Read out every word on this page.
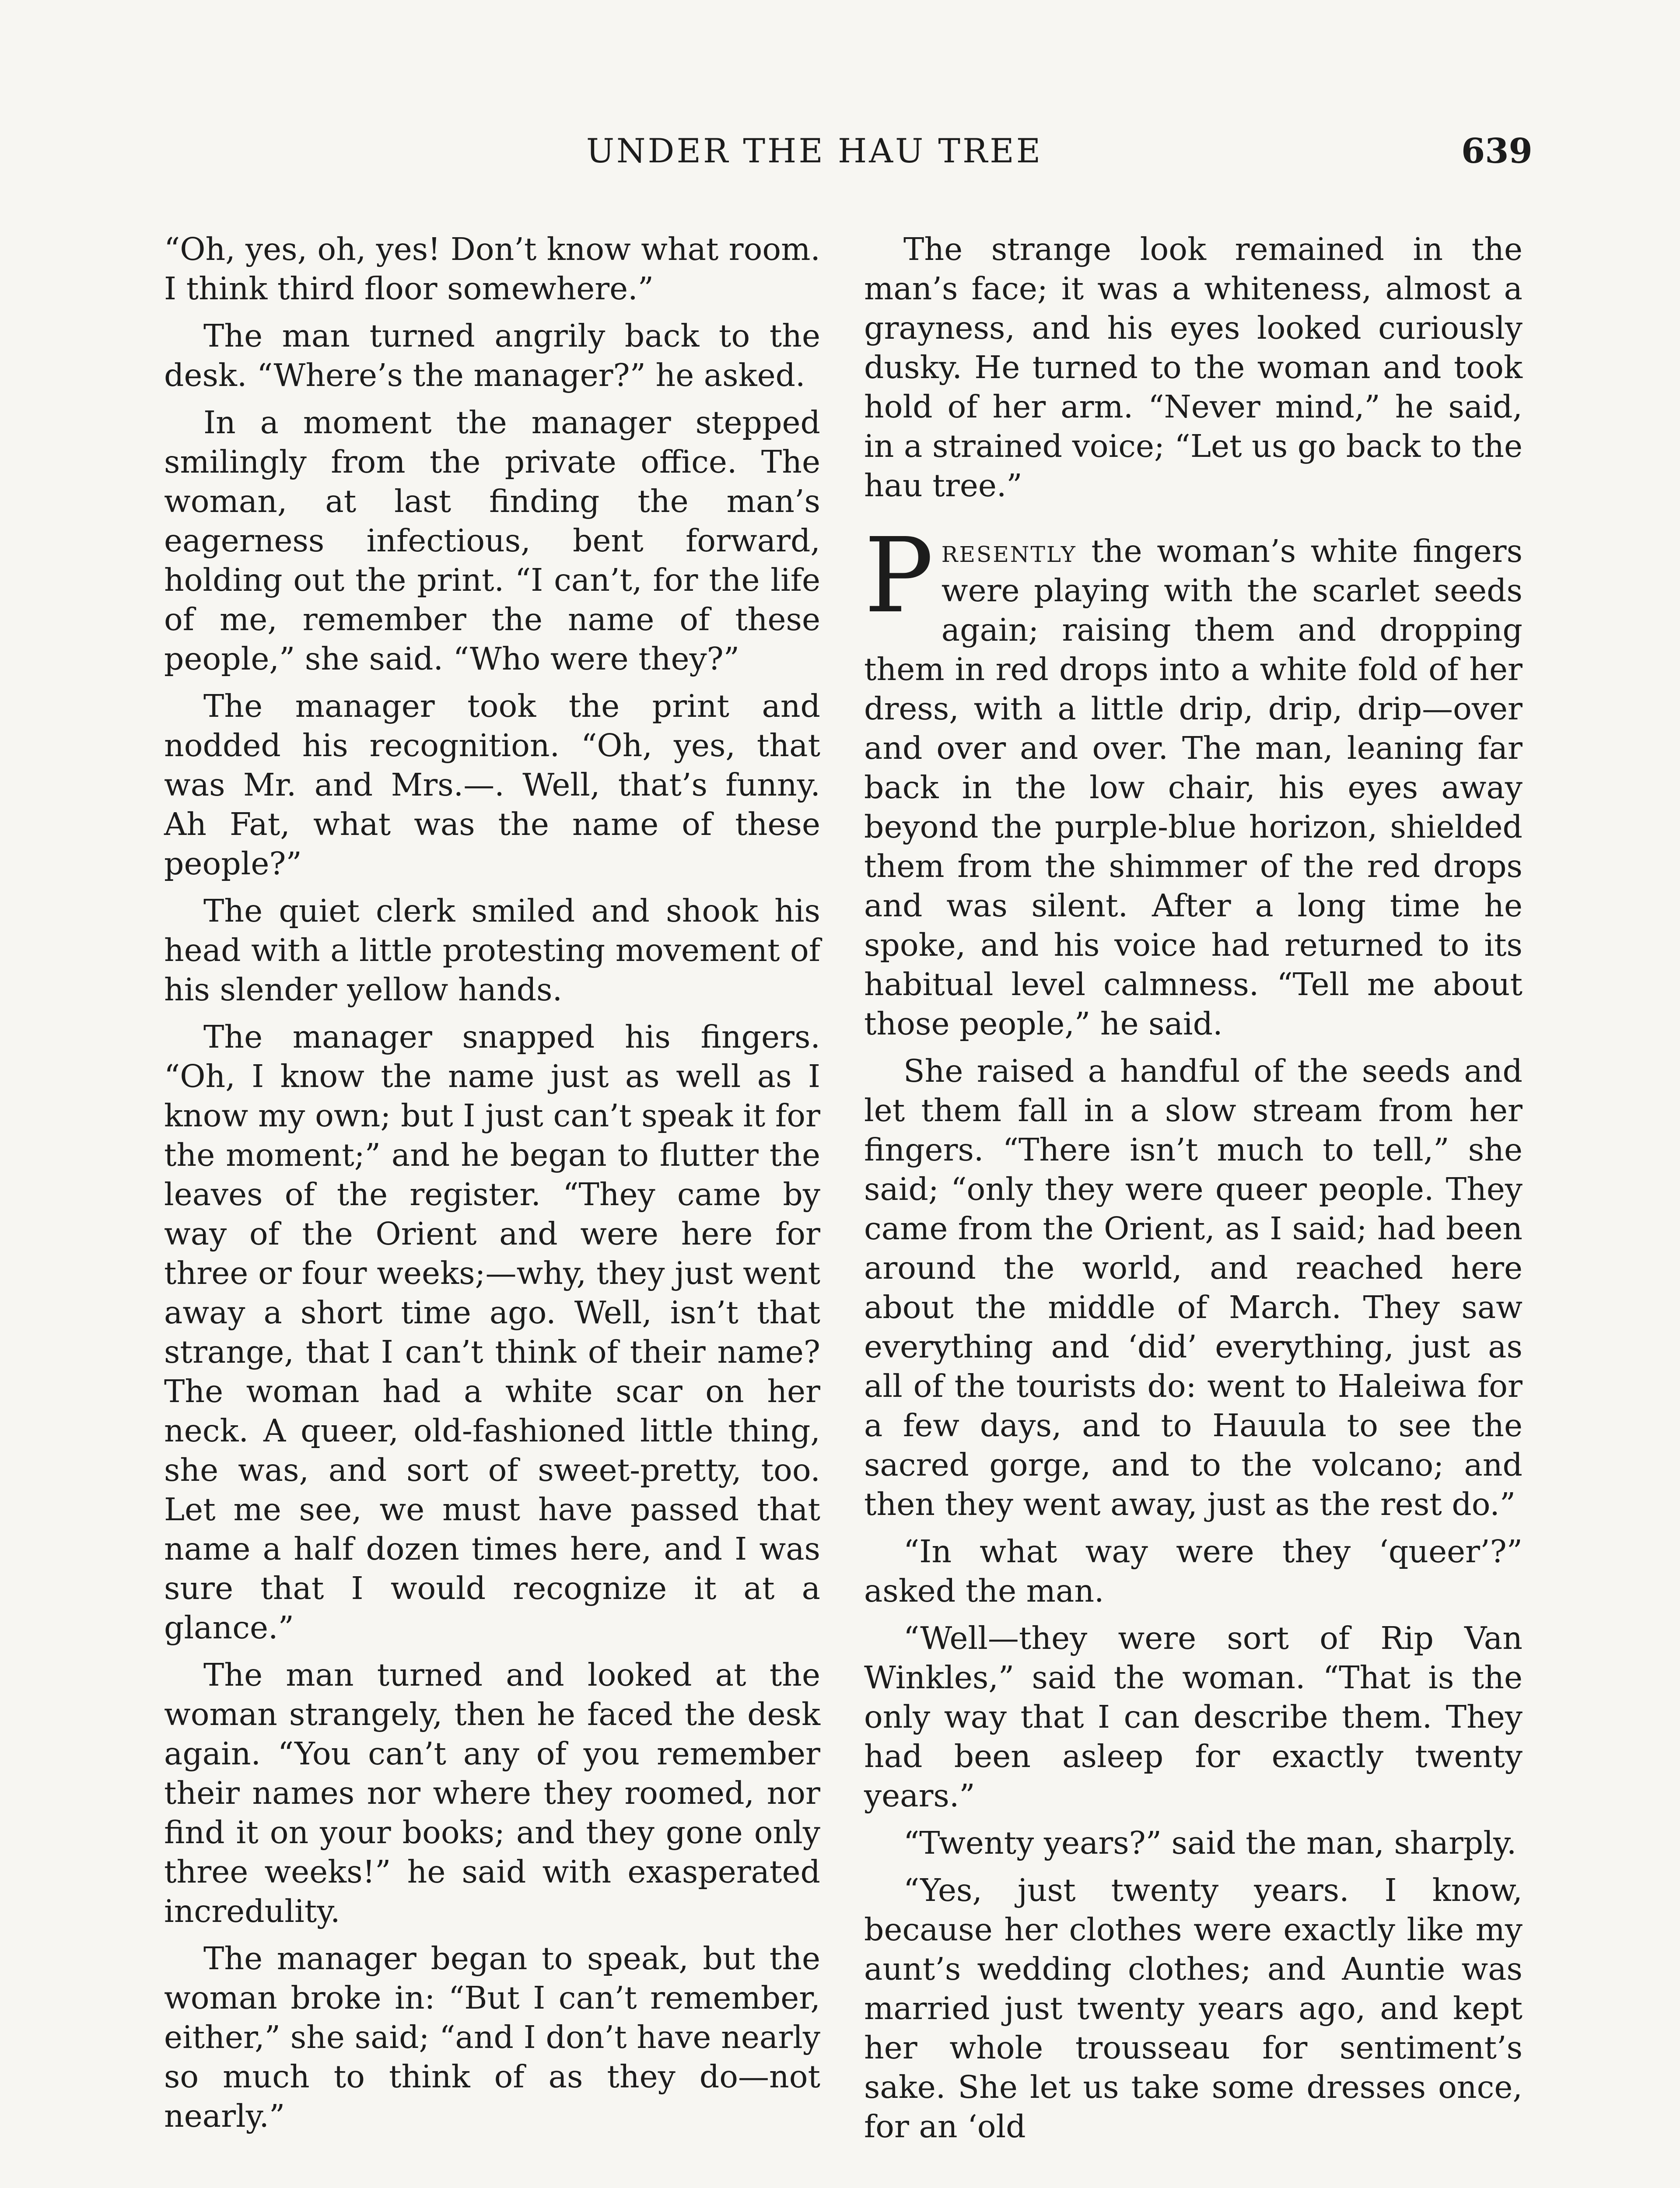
UNDER THE HAU TREE	639

“Oh, yes, oh, yes! Don’t know what room. I think third floor somewhere.”

The man turned angrily back to the desk. “Where’s the manager?” he asked.

In a moment the manager stepped smilingly from the private office. The woman, at last finding the man’s eagerness infectious, bent forward, holding out the print. “I can’t, for the life of me, remember the name of these people,” she said. “Who were they?”

The manager took the print and nodded his recognition. “Oh, yes, that was Mr. and Mrs.—. Well, that’s funny. Ah Fat, what was the name of these people?”

The quiet clerk smiled and shook his head with a little protesting movement of his slender yellow hands.

The manager snapped his fingers. “Oh, I know the name just as well as I know my own; but I just can’t speak it for the moment;” and he began to flutter the leaves of the register. “They came by way of the Orient and were here for three or four weeks;—why, they just went away a short time ago. Well, isn’t that strange, that I can’t think of their name? The woman had a white scar on her neck. A queer, old-fashioned little thing, she was, and sort of sweet-pretty, too. Let me see, we must have passed that name a half dozen times here, and I was sure that I would recognize it at a glance.”

The man turned and looked at the woman strangely, then he faced the desk again. “You can’t any of you remember their names nor where they roomed, nor find it on your books; and they gone only three weeks!” he said with exasperated incredulity.

The manager began to speak, but the woman broke in: “But I can’t remember, either,” she said; “and I don’t have nearly so much to think of as they do—not nearly.”

The strange look remained in the man’s face; it was a whiteness, almost a grayness, and his eyes looked curiously dusky. He turned to the woman and took hold of her arm. “Never mind,” he said, in a strained voice; “Let us go back to the hau tree.”

Presently the woman’s white fingers were playing with the scarlet seeds again; raising them and dropping them in red drops into a white fold of her dress, with a little drip, drip, drip—over and over and over. The man, leaning far back in the low chair, his eyes away beyond the purple-blue horizon, shielded them from the shimmer of the red drops and was silent. After a long time he spoke, and his voice had returned to its habitual level calmness. “Tell me about those people,” he said.

She raised a handful of the seeds and let them fall in a slow stream from her fingers. “There isn’t much to tell,” she said; “only they were queer people. They came from the Orient, as I said; had been around the world, and reached here about the middle of March. They saw everything and ‘did’ everything, just as all of the tourists do: went to Haleiwa for a few days, and to Hauula to see the sacred gorge, and to the volcano; and then they went away, just as the rest do.”

“In what way were they ‘queer’?” asked the man.

“Well—they were sort of Rip Van Winkles,” said the woman. “That is the only way that I can describe them. They had been asleep for exactly twenty years.”

“Twenty years?” said the man, sharply.

“Yes, just twenty years. I know, because her clothes were exactly like my aunt’s wedding clothes; and Auntie was married just twenty years ago, and kept her whole trousseau for sentiment’s sake. She let us take some dresses once, for an ‘old
